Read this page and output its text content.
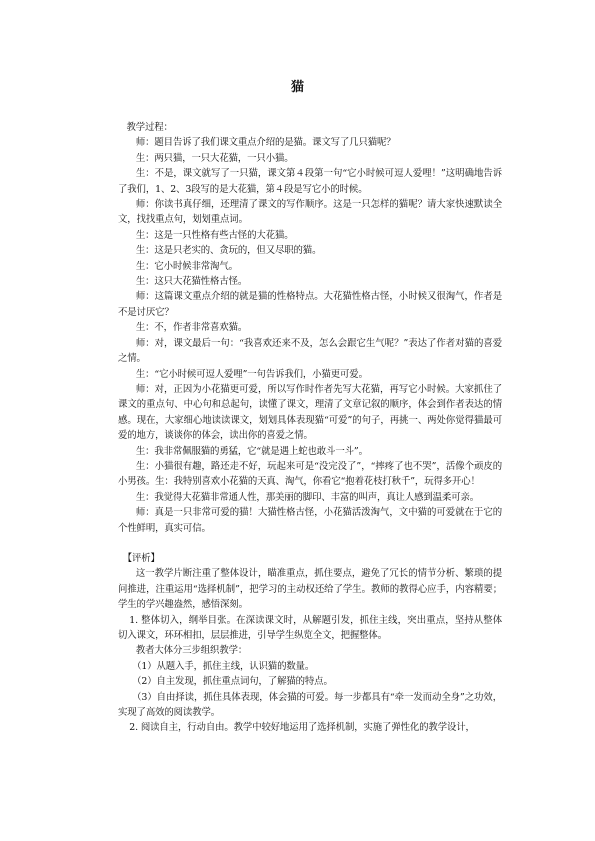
猫

教学过程：

师：题目告诉了我们课文重点介绍的是猫。课文写了几只猫呢？

生：两只猫，一只大花猫，一只小猫。

生：不是，课文就写了一只猫，课文第４段第一句“它小时候可逗人爱哩！”这明确地告诉了我们，1、2、3段写的是大花猫，第４段是写它小的时候。

师：你读书真仔细，还理清了课文的写作顺序。这是一只怎样的猫呢？请大家快速默读全文，找找重点句，划划重点词。

生：这是一只性格有些古怪的大花猫。

生：这是只老实的、贪玩的，但又尽职的猫。

生：它小时候非常淘气。

生：这只大花猫性格古怪。

师：这篇课文重点介绍的就是猫的性格特点。大花猫性格古怪，小时候又很淘气，作者是不是讨厌它？

生：不，作者非常喜欢猫。

师：对，课文最后一句：“我喜欢还来不及，怎么会跟它生气呢？”表达了作者对猫的喜爱之情。

生：“它小时候可逗人爱哩”一句告诉我们，小猫更可爱。

师：对，正因为小花猫更可爱，所以写作时作者先写大花猫，再写它小时候。大家抓住了课文的重点句、中心句和总起句，读懂了课文，理清了文章记叙的顺序，体会到作者表达的情感。现在，大家细心地读读课文，划划具体表现猫“可爱”的句子，再挑一、两处你觉得猫最可爱的地方，谈谈你的体会，读出你的喜爱之情。

生：我非常佩服猫的勇猛，它“就是遇上蛇也敢斗一斗”。

生：小猫很有趣，路还走不好，玩起来可是“没完没了”，“摔疼了也不哭”，活像个顽皮的小男孩。生：我特别喜欢小花猫的天真、淘气，你看它“抱着花枝打秋千”，玩得多开心！

生：我觉得大花猫非常通人性，那美丽的脚印、丰富的叫声，真让人感到温柔可亲。

师：真是一只非常可爱的猫！大猫性格古怪，小花猫活泼淘气，文中猫的可爱就在于它的个性鲜明，真实可信。

【评析】

这一教学片断注重了整体设计，瞄准重点，抓住要点，避免了冗长的情节分析、繁琐的提问推进，注重运用“选择机制”，把学习的主动权还给了学生。教师的教得心应手，内容精要；学生的学兴趣盎然，感悟深刻。

1. 整体切入，纲举目张。在深读课文时，从解题引发，抓住主线，突出重点，坚持从整体切入课文，环环相扣，层层推进，引导学生纵览全文，把握整体。

教者大体分三步组织教学：

（1）从题入手，抓住主线，认识猫的数量。

（2）自主发现，抓住重点词句，了解猫的特点。

（3）自由择读，抓住具体表现，体会猫的可爱。每一步都具有“牵一发而动全身”之功效，实现了高效的阅读教学。

2. 阅读自主，行动自由。教学中较好地运用了选择机制，实施了弹性化的教学设计，
